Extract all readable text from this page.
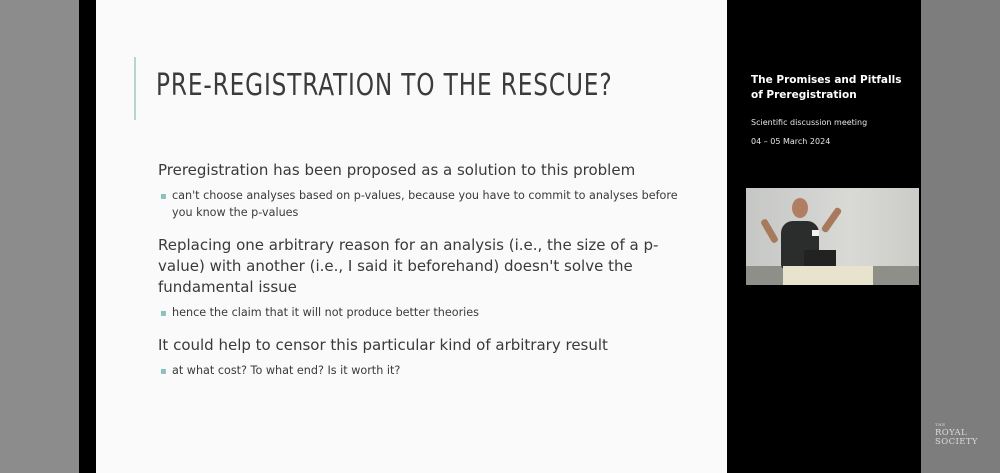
PRE-REGISTRATION TO THE RESCUE?

Preregistration has been proposed as a solution to this problem

▪ can't choose analyses based on p-values, because you have to commit to analyses before you know the p-values

Replacing one arbitrary reason for an analysis (i.e., the size of a p-value) with another (i.e., I said it beforehand) doesn't solve the fundamental issue

▪ hence the claim that it will not produce better theories

It could help to censor this particular kind of arbitrary result

▪ at what cost? To what end? Is it worth it?

The Promises and Pitfalls of Preregistration
Scientific discussion meeting
04 – 05 March 2024
THE
ROYAL
SOCIETY
